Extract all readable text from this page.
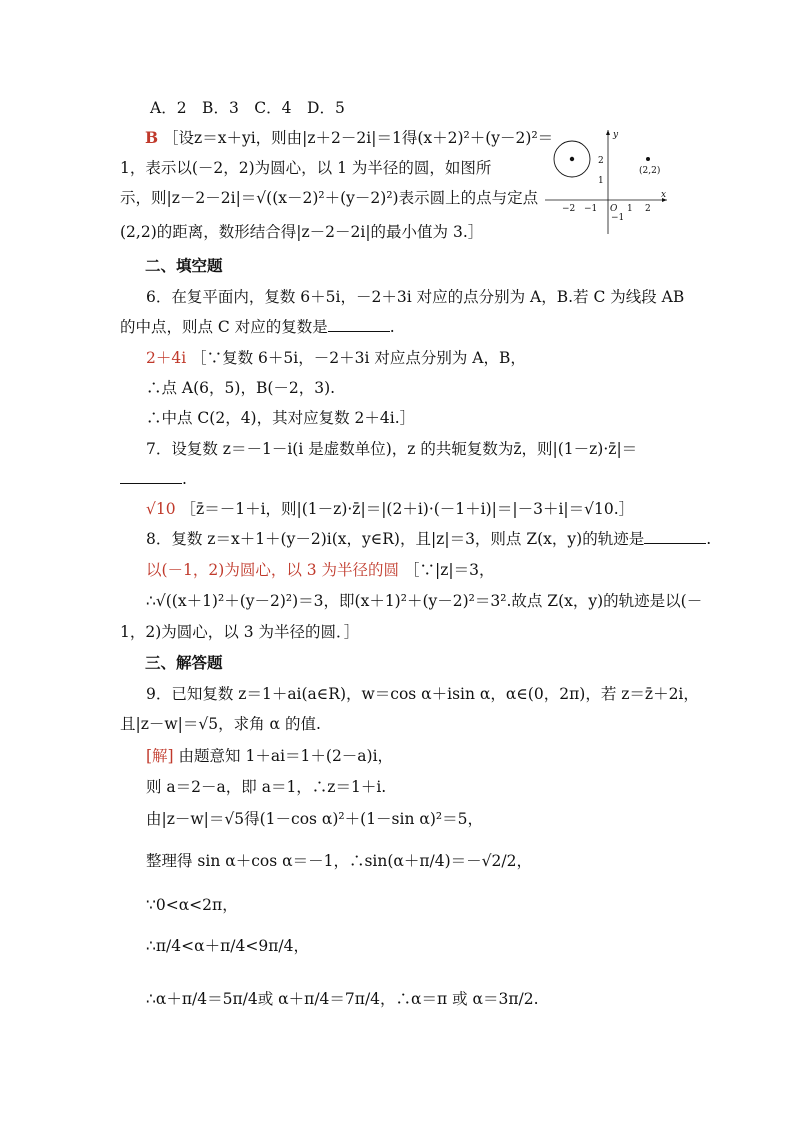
A．2　B．3　C．4　D．5
B ［设z＝x＋yi，则由|z＋2－2i|＝1得(x＋2)²＋(y－2)²＝
1，表示以(－2，2)为圆心，以 1 为半径的圆，如图所
示，则|z－2－2i|＝√((x－2)²＋(y－2)²)表示圆上的点与定点
(2,2)的距离，数形结合得|z－2－2i|的最小值为 3.］
y
x
O
2
1
−1
−2 −1	1 2
(2,2)
二、填空题
6．在复平面内，复数 6＋5i，－2＋3i 对应的点分别为 A，B.若 C 为线段 AB
的中点，则点 C 对应的复数是	.
2＋4i ［∵复数 6＋5i，－2＋3i 对应点分别为 A，B，
∴点 A(6，5)，B(－2，3).
∴中点 C(2，4)，其对应复数 2＋4i.］
7．设复数 z＝－1－i(i 是虚数单位)，z 的共轭复数为z̄，则|(1－z)·z̄|＝
.
√10 ［z̄＝－1＋i，则|(1－z)·z̄|＝|(2＋i)·(－1＋i)|＝|－3＋i|＝√10.］
8．复数 z＝x＋1＋(y－2)i(x，y∈R)，且|z|＝3，则点 Z(x，y)的轨迹是	.
以(－1，2)为圆心，以 3 为半径的圆 ［∵|z|＝3，
∴√((x＋1)²＋(y－2)²)＝3，即(x＋1)²＋(y－2)²＝3².故点 Z(x，y)的轨迹是以(－
1，2)为圆心，以 3 为半径的圆．］
三、解答题
9．已知复数 z＝1＋ai(a∈R)，w＝cos α＋isin α，α∈(0，2π)，若 z＝z̄＋2i，
且|z－w|＝√5，求角 α 的值.
[解] 由题意知 1＋ai＝1＋(2－a)i，
则 a＝2－a，即 a＝1，∴z＝1＋i.
由|z－w|＝√5得(1－cos α)²＋(1－sin α)²＝5，
整理得 sin α＋cos α＝－1，∴sin(α＋π/4)＝－√2/2，
∵0<α<2π，
∴π/4<α＋π/4<9π/4，
∴α＋π/4＝5π/4或 α＋π/4＝7π/4，∴α＝π 或 α＝3π/2.
